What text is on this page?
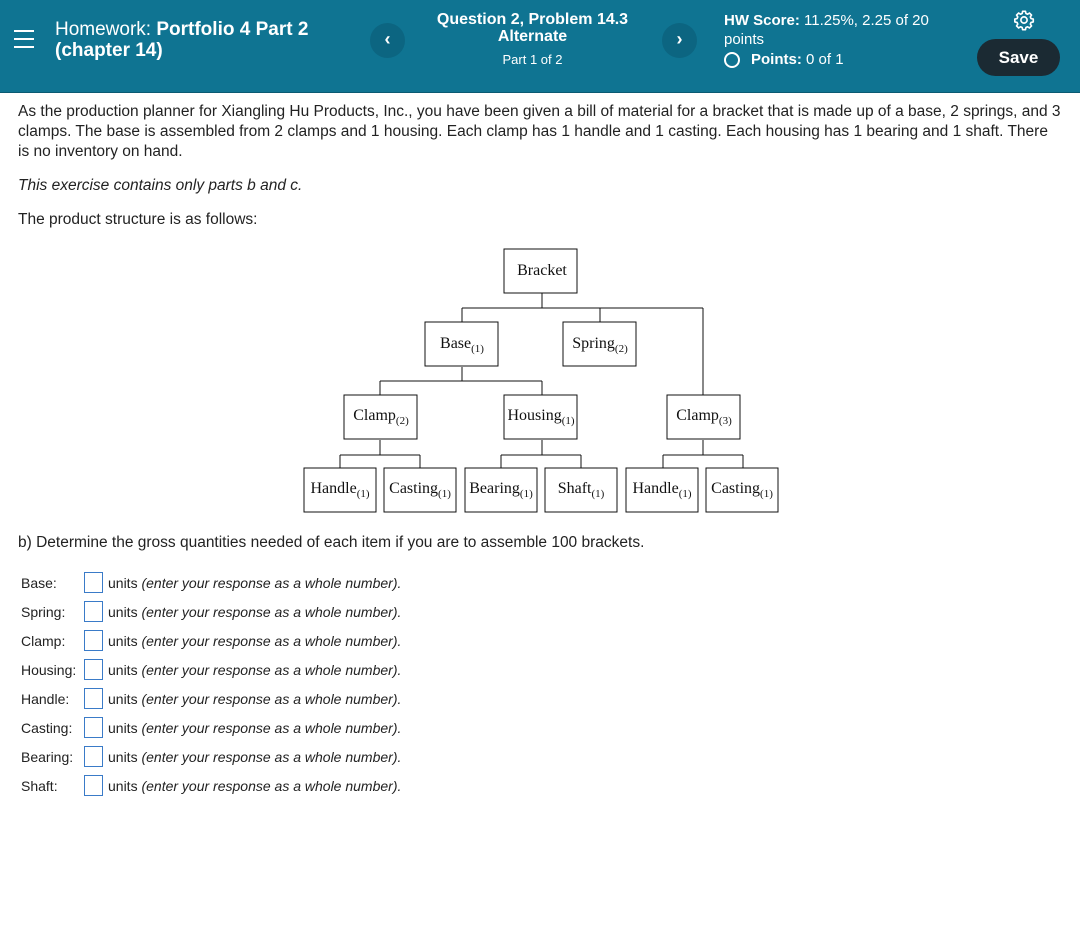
Homework: Portfolio 4 Part 2 (chapter 14)
‹
Question 2, Problem 14.3 Alternate
Part 1 of 2
›
HW Score: 11.25%, 2.25 of 20 points
Points:
0 of 1	Save

As the production planner for Xiangling Hu Products, Inc., you have been given a bill of material for a bracket that is made up of a base, 2 springs, and 3 clamps. The base is assembled from 2 clamps and 1 housing. Each clamp has 1 handle and 1 casting. Each housing has 1 bearing and 1 shaft. There is no inventory on hand.

This exercise contains only parts b and c.

The product structure is as follows:

Bracket
Base$_{(1)}$	Spring$_{(2)}$
Clamp$_{(2)}$	Housing$_{(1)}$	Clamp$_{(3)}$
Handle$_{(1)}$ Casting$_{(1)}$ Bearing$_{(1)}$ Shaft$_{(1)}$ Handle$_{(1)}$ Casting$_{(1)}$

b) Determine the gross quantities needed of each item if you are to assemble 100 brackets.

Base:		units (enter your response as a whole number).
Spring:		units (enter your response as a whole number).
Clamp:		units (enter your response as a whole number).
Housing:		units (enter your response as a whole number).
Handle:		units (enter your response as a whole number).
Casting:		units (enter your response as a whole number).
Bearing:		units (enter your response as a whole number).
Shaft:		units (enter your response as a whole number).
